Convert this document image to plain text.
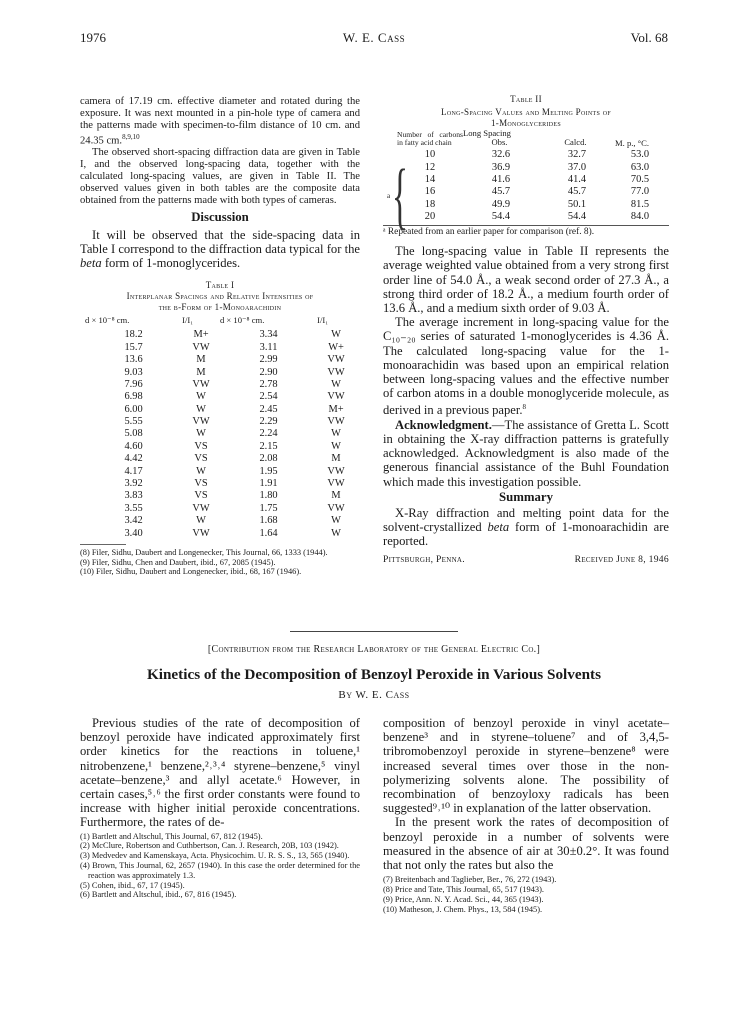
1976	W. E. Cass	Vol. 68

camera of 17.19 cm. effective diameter and rotated during the exposure. It was next mounted in a pin-hole type of camera and the patterns made with specimen-to-film distance of 10 cm. and 24.35 cm.$^{8,9,10}$

The observed short-spacing diffraction data are given in Table I, and the observed long-spacing data, together with the calculated long-spacing values, are given in Table II. The observed values given in both tables are the composite data obtained from the patterns made with both types of cameras.

Discussion

It will be observed that the side-spacing data in Table I correspond to the diffraction data typical for the beta form of 1-monoglycerides.

Table I
Interplanar Spacings and Relative Intensities of
the β-Form of 1-Monoarachidin
d × 10⁻⁸ cm.	I/I₁	d × 10⁻⁸ cm.	I/I₁
18.2	M+	3.34	W
15.7	VW	3.11	W+
13.6	M	2.99	VW
9.03	M	2.90	VW
7.96	VW	2.78	W
6.98	W	2.54	VW
6.00	W	2.45	M+
5.55	VW	2.29	VW
5.08	W	2.24	W
4.60	VS	2.15	W
4.42	VS	2.08	M
4.17	W	1.95	VW
3.92	VS	1.91	VW
3.83	VS	1.80	M
3.55	VW	1.75	VW
3.42	W	1.68	W
3.40	VW	1.64	W

(8) Filer, Sidhu, Daubert and Longenecker, This Journal, 66, 1333 (1944).

(9) Filer, Sidhu, Chen and Daubert, ibid., 67, 2085 (1945).

(10) Filer, Sidhu, Daubert and Longenecker, ibid., 68, 167 (1946).

Table II
Long-Spacing Values and Melting Points of
1-Monoglycerides
Number of carbons in fatty acid chain	Long Spacing
Obs. Calcd.		M. p., °C.
10	32.6	32.7	53.0
12	36.9	37.0	63.0
14	41.6	41.4	70.5
16	45.7	45.7	77.0
18	49.9	50.1	81.5
20	54.4	54.4	84.0
{
a
ᵃ Repeated from an earlier paper for comparison (ref. 8).

The long-spacing value in Table II represents the average weighted value obtained from a very strong first order line of 54.0 Å., a weak second order of 27.3 Å., a strong third order of 18.2 Å., a medium fourth order of 13.6 Å., and a medium sixth order of 9.03 Å.

The average increment in long-spacing value for the C₁₀₋₂₀ series of saturated 1-monoglycerides is 4.36 Å. The calculated long-spacing value for the 1-monoarachidin was based upon an empirical relation between long-spacing values and the effective number of carbon atoms in a double monoglyceride molecule, as derived in a previous paper.$^8$

Acknowledgment.—The assistance of Gretta L. Scott in obtaining the X-ray diffraction patterns is gratefully acknowledged. Acknowledgment is also made of the generous financial assistance of the Buhl Foundation which made this investigation possible.

Summary

X-Ray diffraction and melting point data for the solvent-crystallized beta form of 1-monoarachidin are reported.

Pittsburgh, Penna.	Received June 8, 1946
[Contribution from the Research Laboratory of the General Electric Co.]
Kinetics of the Decomposition of Benzoyl Peroxide in Various Solvents
By W. E. Cass

Previous studies of the rate of decomposition of benzoyl peroxide have indicated approximately first order kinetics for the reactions in toluene,¹ nitrobenzene,¹ benzene,²˒³˒⁴ styrene–benzene,⁵ vinyl acetate–benzene,³ and allyl acetate.⁶ However, in certain cases,⁵˒⁶ the first order constants were found to increase with higher initial peroxide concentrations. Furthermore, the rates of de-

(1) Bartlett and Altschul, This Journal, 67, 812 (1945).

(2) McClure, Robertson and Cuthbertson, Can. J. Research, 20B, 103 (1942).

(3) Medvedev and Kamenskaya, Acta. Physicochim. U. R. S. S., 13, 565 (1940).

(4) Brown, This Journal, 62, 2657 (1940). In this case the order determined for the reaction was approximately 1.3.

(5) Cohen, ibid., 67, 17 (1945).

(6) Bartlett and Altschul, ibid., 67, 816 (1945).

composition of benzoyl peroxide in vinyl acetate–benzene³ and in styrene–toluene⁷ and of 3,4,5-tribromobenzoyl peroxide in styrene–benzene⁸ were increased several times over those in the non-polymerizing solvents alone. The possibility of recombination of benzoyloxy radicals has been suggested⁹˒¹⁰ in explanation of the latter observation.

In the present work the rates of decomposition of benzoyl peroxide in a number of solvents were measured in the absence of air at 30±0.2°. It was found that not only the rates but also the

(7) Breitenbach and Taglieber, Ber., 76, 272 (1943).

(8) Price and Tate, This Journal, 65, 517 (1943).

(9) Price, Ann. N. Y. Acad. Sci., 44, 365 (1943).

(10) Matheson, J. Chem. Phys., 13, 584 (1945).
